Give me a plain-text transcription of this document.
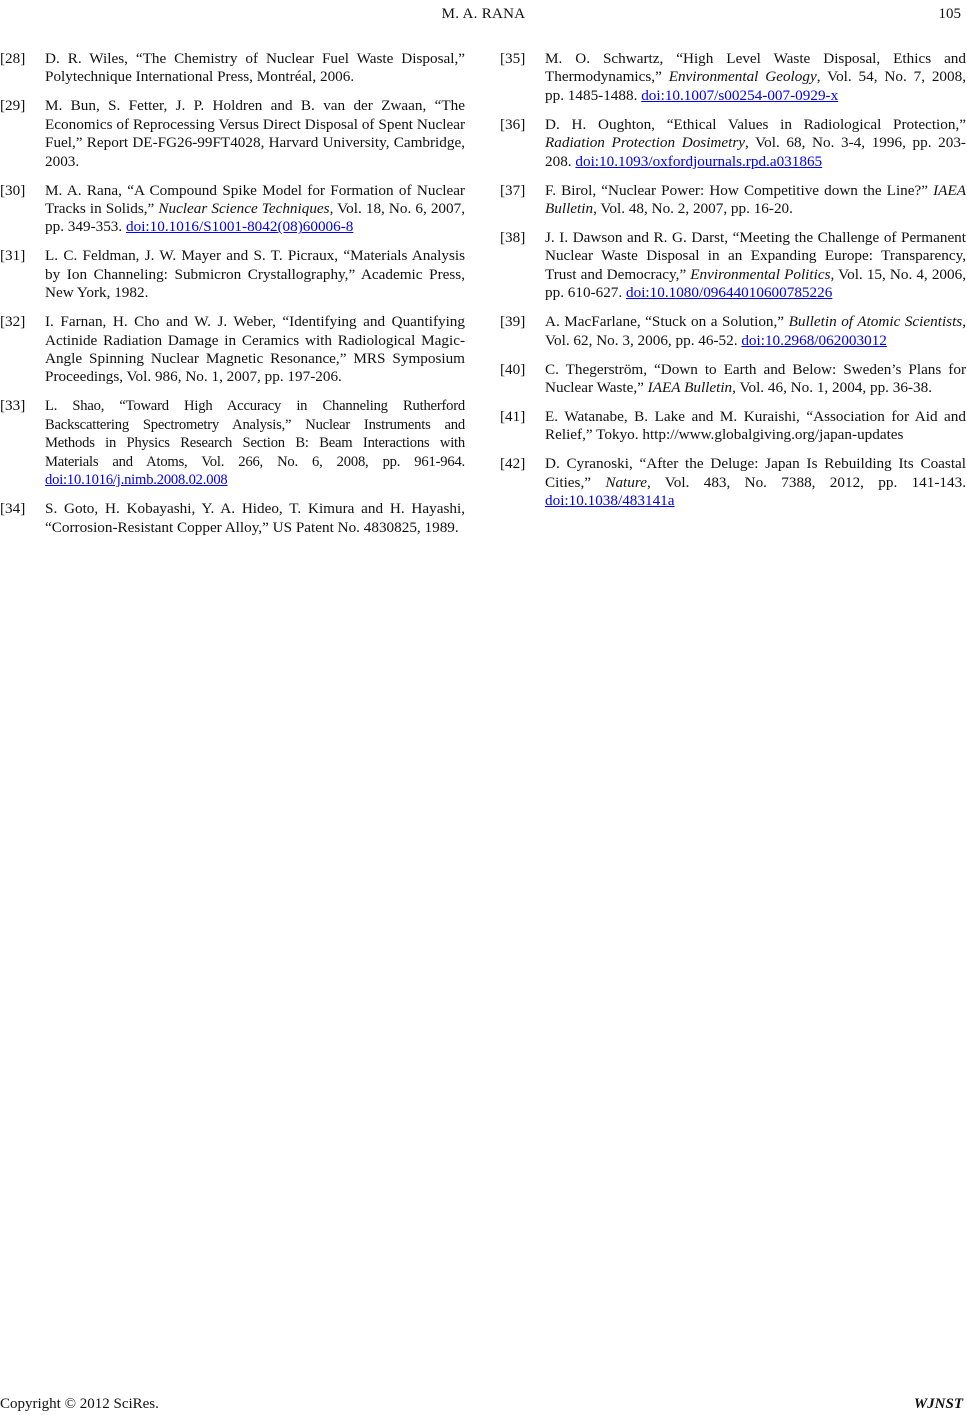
M. A. RANA	105
[28]	D. R. Wiles, “The Chemistry of Nuclear Fuel Waste Disposal,” Polytechnique International Press, Montréal, 2006.
[29]	M. Bun, S. Fetter, J. P. Holdren and B. van der Zwaan, “The Economics of Reprocessing Versus Direct Disposal of Spent Nuclear Fuel,” Report DE-FG26-99FT4028, Harvard University, Cambridge, 2003.
[30]	M. A. Rana, “A Compound Spike Model for Formation of Nuclear Tracks in Solids,” Nuclear Science Techniques, Vol. 18, No. 6, 2007, pp. 349-353. doi:10.1016/S1001-8042(08)60006-8
[31]	L. C. Feldman, J. W. Mayer and S. T. Picraux, “Materials Analysis by Ion Channeling: Submicron Crystallography,” Academic Press, New York, 1982.
[32]	I. Farnan, H. Cho and W. J. Weber, “Identifying and Quantifying Actinide Radiation Damage in Ceramics with Radiological Magic-Angle Spinning Nuclear Magnetic Resonance,” MRS Symposium Proceedings, Vol. 986, No. 1, 2007, pp. 197-206.
[33]	L. Shao, “Toward High Accuracy in Channeling Rutherford Backscattering Spectrometry Analysis,” Nuclear Instruments and Methods in Physics Research Section B: Beam Interactions with Materials and Atoms, Vol. 266, No. 6, 2008, pp. 961-964. doi:10.1016/j.nimb.2008.02.008
[34]	S. Goto, H. Kobayashi, Y. A. Hideo, T. Kimura and H. Hayashi, “Corrosion-Resistant Copper Alloy,” US Patent No. 4830825, 1989.
[35]	M. O. Schwartz, “High Level Waste Disposal, Ethics and Thermodynamics,” Environmental Geology, Vol. 54, No. 7, 2008, pp. 1485-1488. doi:10.1007/s00254-007-0929-x
[36]	D. H. Oughton, “Ethical Values in Radiological Protection,” Radiation Protection Dosimetry, Vol. 68, No. 3-4, 1996, pp. 203-208. doi:10.1093/oxfordjournals.rpd.a031865
[37]	F. Birol, “Nuclear Power: How Competitive down the Line?” IAEA Bulletin, Vol. 48, No. 2, 2007, pp. 16-20.
[38]	J. I. Dawson and R. G. Darst, “Meeting the Challenge of Permanent Nuclear Waste Disposal in an Expanding Europe: Transparency, Trust and Democracy,” Environmental Politics, Vol. 15, No. 4, 2006, pp. 610-627. doi:10.1080/09644010600785226
[39]	A. MacFarlane, “Stuck on a Solution,” Bulletin of Atomic Scientists, Vol. 62, No. 3, 2006, pp. 46-52. doi:10.2968/062003012
[40]	C. Thegerström, “Down to Earth and Below: Sweden’s Plans for Nuclear Waste,” IAEA Bulletin, Vol. 46, No. 1, 2004, pp. 36-38.
[41]	E. Watanabe, B. Lake and M. Kuraishi, “Association for Aid and Relief,” Tokyo. http://www.globalgiving.org/japan-updates
[42]	D. Cyranoski, “After the Deluge: Japan Is Rebuilding Its Coastal Cities,” Nature, Vol. 483, No. 7388, 2012, pp. 141-143. doi:10.1038/483141a
Copyright © 2012 SciRes.	WJNST
